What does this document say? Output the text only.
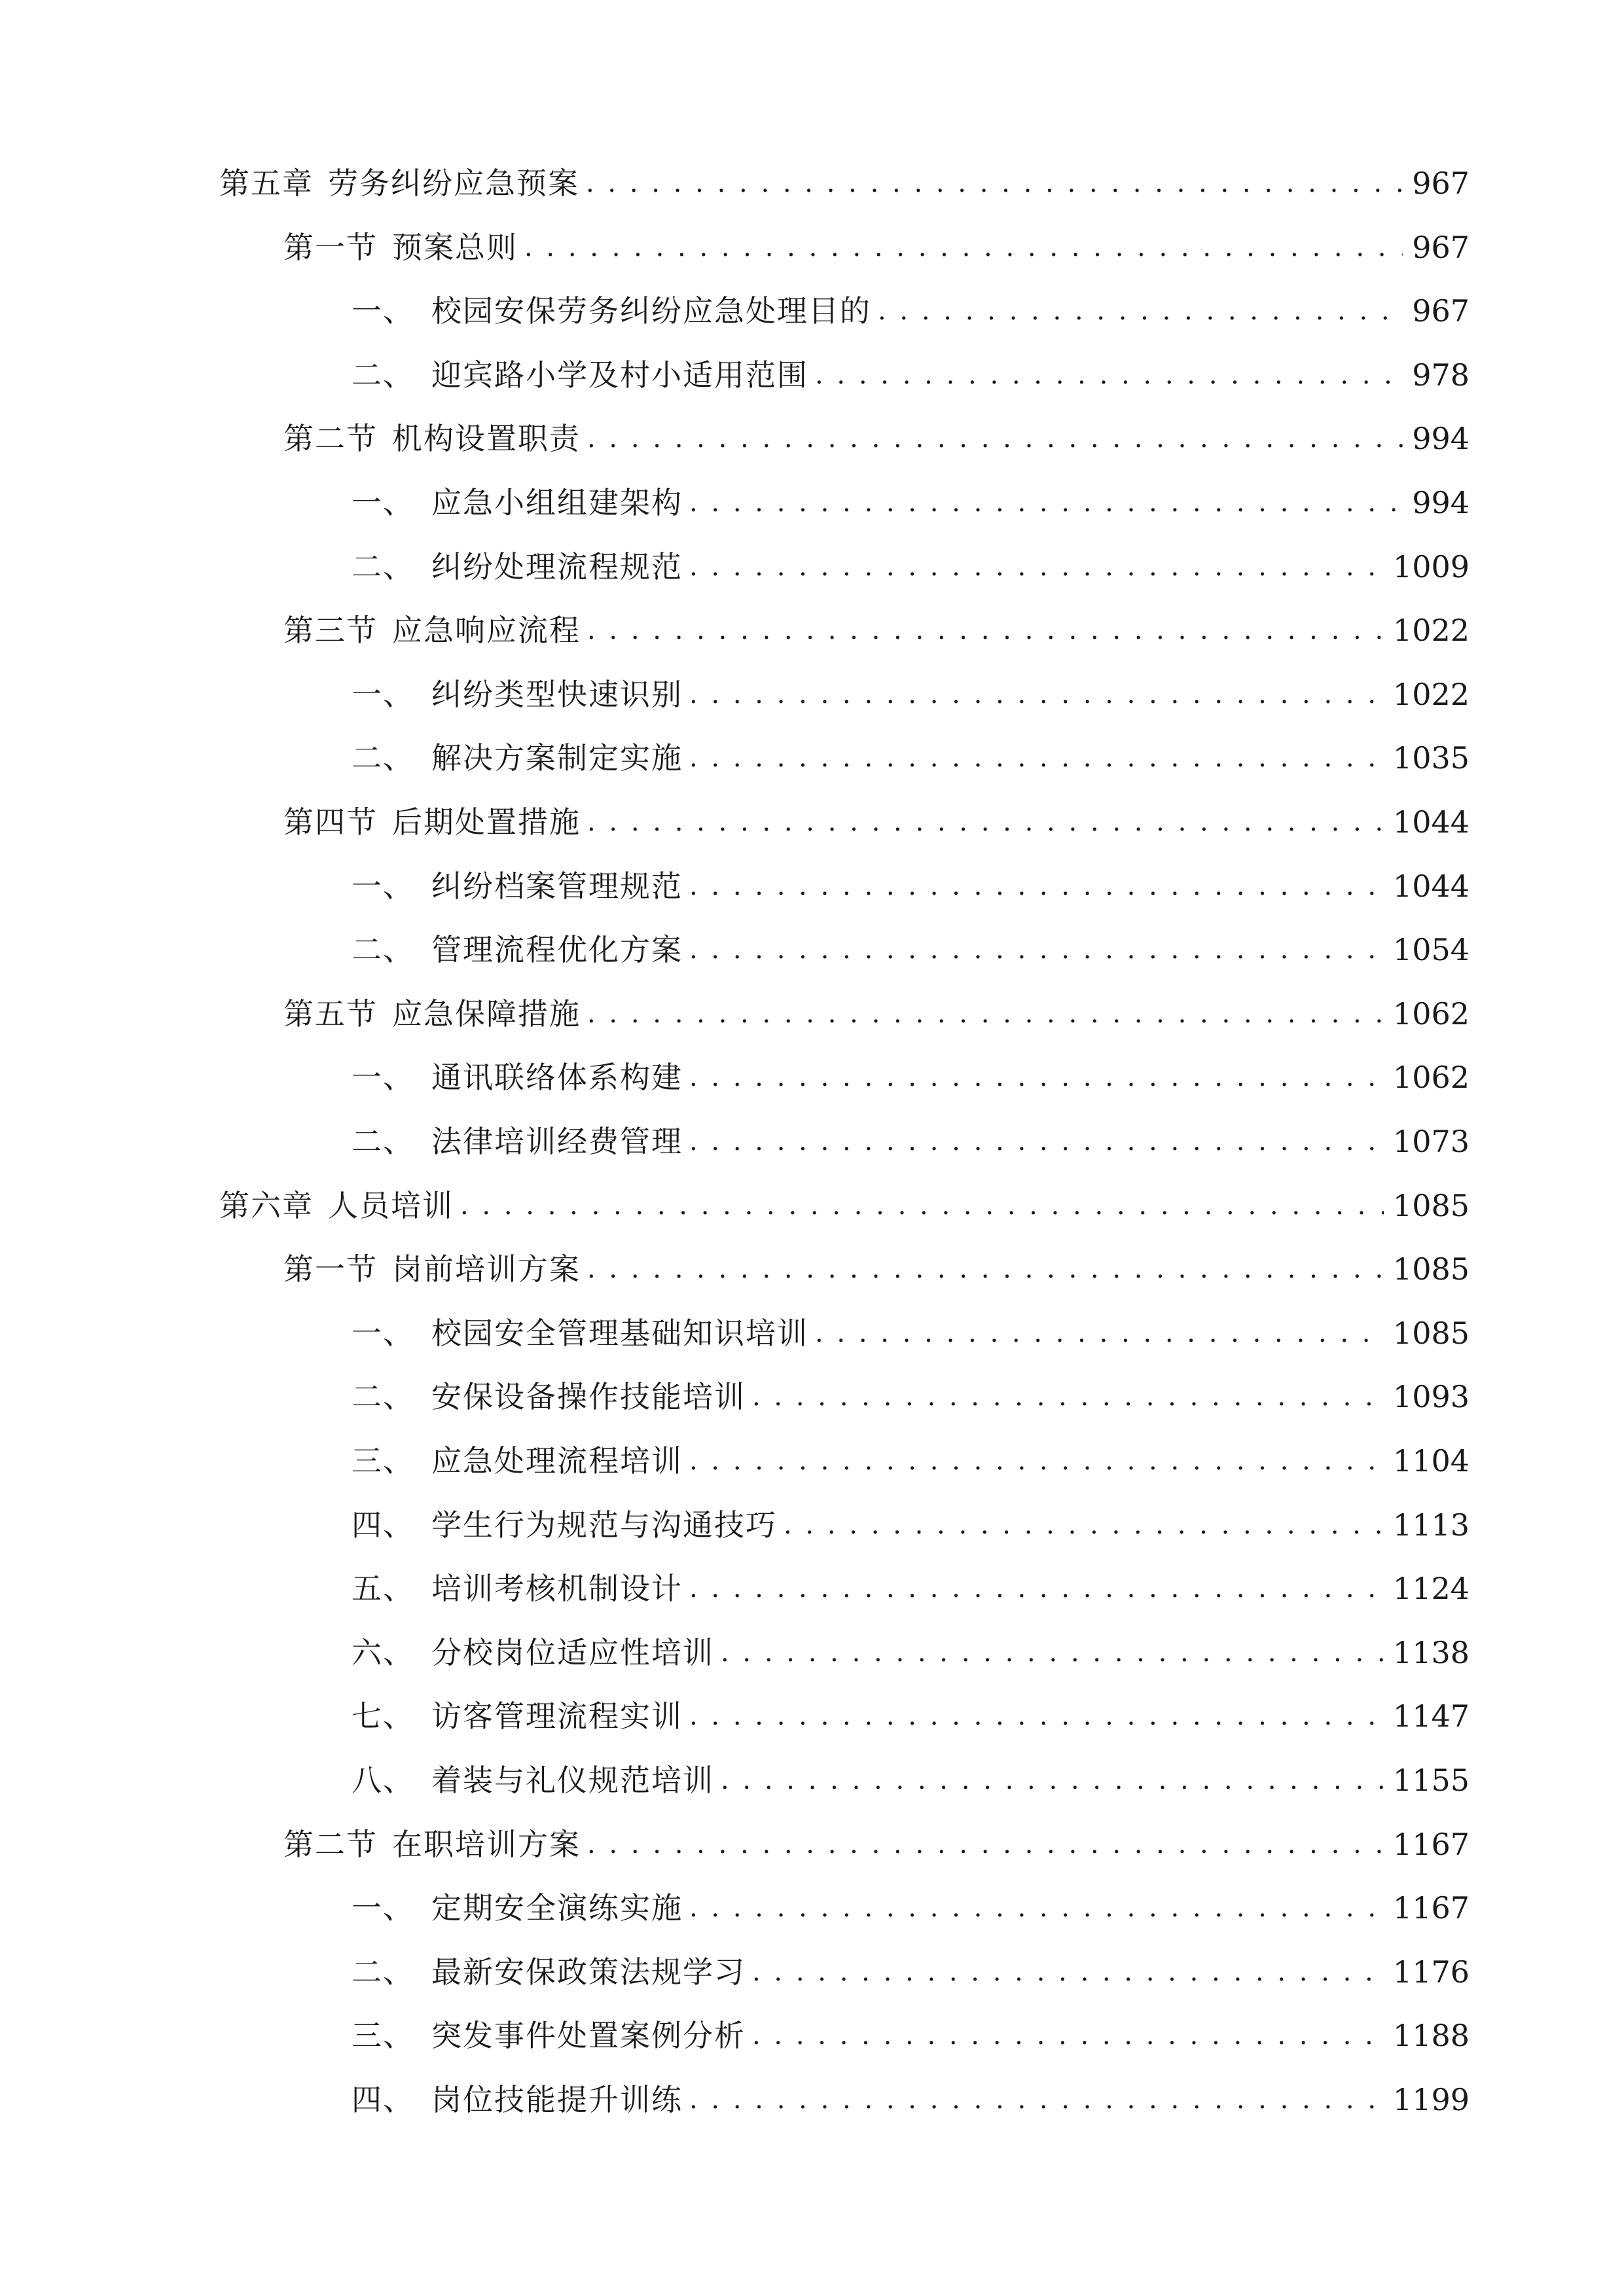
第五章 劳务纠纷应急预案 . . .	967
第一节 预案总则 . . .	967
一、 校园安保劳务纠纷应急处理目的 . . .	967
二、 迎宾路小学及村小适用范围 . . .	978
第二节 机构设置职责 . . .	994
一、 应急小组组建架构 . . .	994
二、 纠纷处理流程规范 . . .	1009
第三节 应急响应流程 . . .	1022
一、 纠纷类型快速识别 . . .	1022
二、 解决方案制定实施 . . .	1035
第四节 后期处置措施 . . .	1044
一、 纠纷档案管理规范 . . .	1044
二、 管理流程优化方案 . . .	1054
第五节 应急保障措施 . . .	1062
一、 通讯联络体系构建 . . .	1062
二、 法律培训经费管理 . . .	1073
第六章 人员培训 . . .	1085
第一节 岗前培训方案 . . .	1085
一、 校园安全管理基础知识培训 . . .	1085
二、 安保设备操作技能培训 . . .	1093
三、 应急处理流程培训 . . .	1104
四、 学生行为规范与沟通技巧 . . .	1113
五、 培训考核机制设计 . . .	1124
六、 分校岗位适应性培训 . . .	1138
七、 访客管理流程实训 . . .	1147
八、 着装与礼仪规范培训 . . .	1155
第二节 在职培训方案 . . .	1167
一、 定期安全演练实施 . . .	1167
二、 最新安保政策法规学习 . . .	1176
三、 突发事件处置案例分析 . . .	1188
四、 岗位技能提升训练 . . .	1199
